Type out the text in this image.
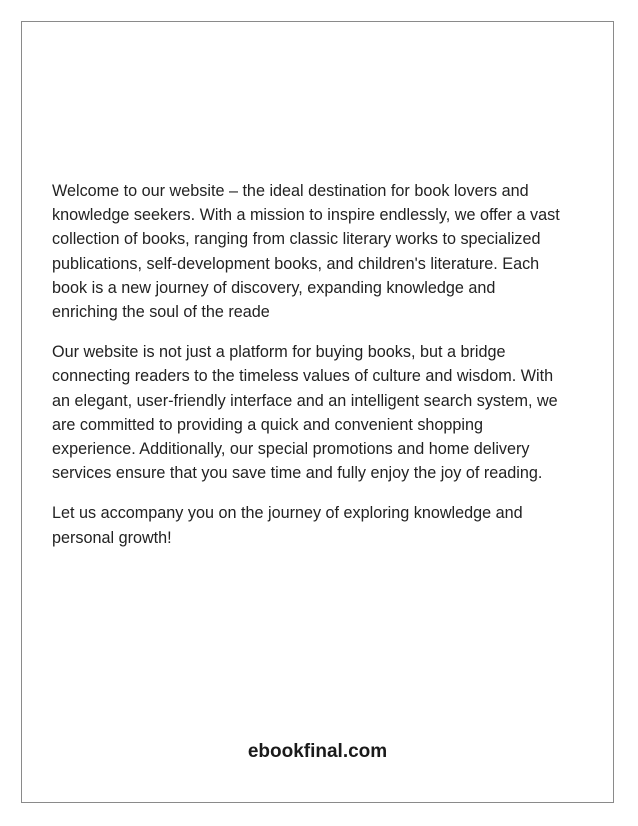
Welcome to our website – the ideal destination for book lovers and knowledge seekers. With a mission to inspire endlessly, we offer a vast collection of books, ranging from classic literary works to specialized publications, self-development books, and children's literature. Each book is a new journey of discovery, expanding knowledge and enriching the soul of the reade

Our website is not just a platform for buying books, but a bridge connecting readers to the timeless values of culture and wisdom. With an elegant, user-friendly interface and an intelligent search system, we are committed to providing a quick and convenient shopping experience. Additionally, our special promotions and home delivery services ensure that you save time and fully enjoy the joy of reading.

Let us accompany you on the journey of exploring knowledge and personal growth!

ebookfinal.com
